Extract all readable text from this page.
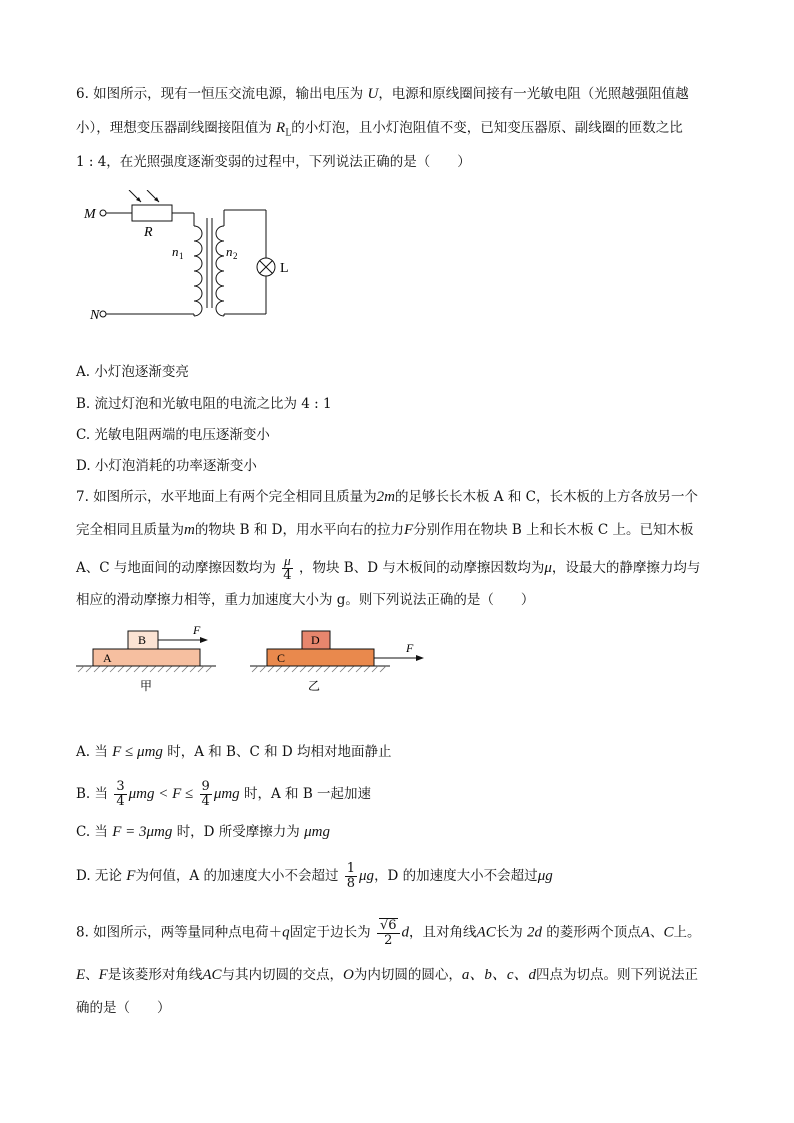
6. 如图所示，现有一恒压交流电源，输出电压为 U，电源和原线圈间接有一光敏电阻（光照越强阻值越
小），理想变压器副线圈接阻值为 $R_L$的小灯泡，且小灯泡阻值不变，已知变压器原、副线圈的匝数之比
1 : 4，在光照强度逐渐变弱的过程中，下列说法正确的是（　　）
M
R
N
n 1
L
n 2
A. 小灯泡逐渐变亮
B. 流过灯泡和光敏电阻的电流之比为 4 : 1
C. 光敏电阻两端的电压逐渐变小
D. 小灯泡消耗的功率逐渐变小
7. 如图所示，水平地面上有两个完全相同且质量为2m的足够长长木板 A 和 C，长木板的上方各放另一个
完全相同且质量为m的物块 B 和 D，用水平向右的拉力F分别作用在物块 B 上和长木板 C 上。已知木板
A、C 与地面间的动摩擦因数均为 $\frac{\mu}{4}$ ，物块 B、D 与木板间的动摩擦因数均为μ，设最大的静摩擦力均与
相应的滑动摩擦力相等，重力加速度大小为 g。则下列说法正确的是（　　）
A
B
F
甲
C
D
F
乙
A. 当 F ≤ μmg 时，A 和 B、C 和 D 均相对地面静止
B. 当 $\frac{3}{4}$ $\mu mg < F \le \frac{9}{4}$ μmg 时，A 和 B 一起加速
C. 当 F = 3μmg 时，D 所受摩擦力为 μmg
D. 无论 F为何值，A 的加速度大小不会超过 $\frac{1}{8}$ μg，D 的加速度大小不会超过μg
8. 如图所示，两等量同种点电荷＋q固定于边长为 $\frac{√6}{2}$ d，且对角线AC长为 2d 的菱形两个顶点A、C上。
E、F是该菱形对角线AC与其内切圆的交点，O为内切圆的圆心，a、b、c、d四点为切点。则下列说法正
确的是（　　）
